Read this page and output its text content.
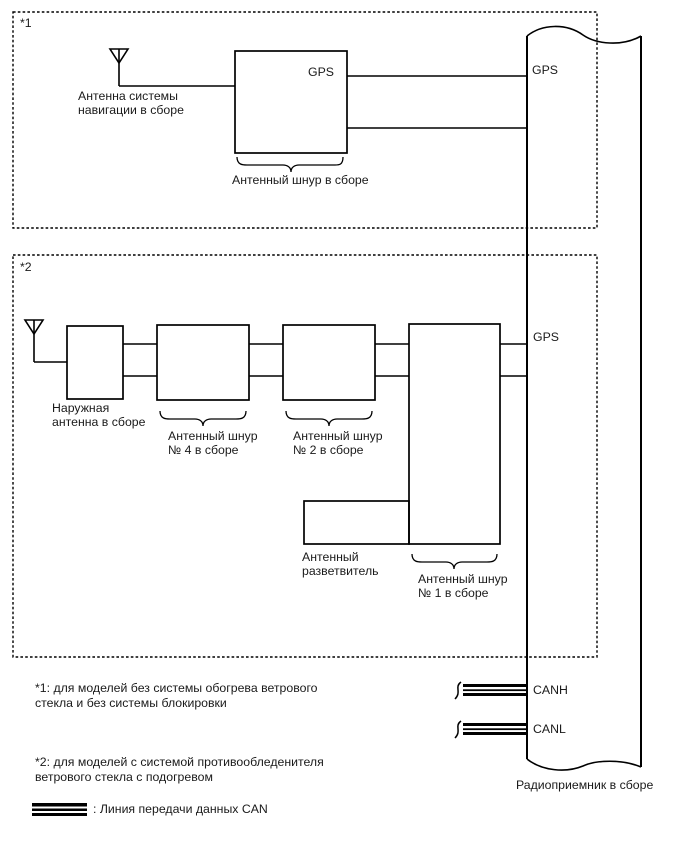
*1
*2
Антенна системы
навигации в сборе
GPS
Антенный шнур в сборе
Наружная
антенна в сборе
Антенный шнур
№ 4 в сборе
Антенный шнур
№ 2 в сборе
Антенный
разветвитель
Антенный шнур
№ 1 в сборе
GPS
GPS
CANH
CANL
Радиоприемник в сборе
*1: для моделей без системы обогрева ветрового
стекла и без системы блокировки
*2: для моделей с системой противообледенителя
ветрового стекла с подогревом
: Линия передачи данных CAN
